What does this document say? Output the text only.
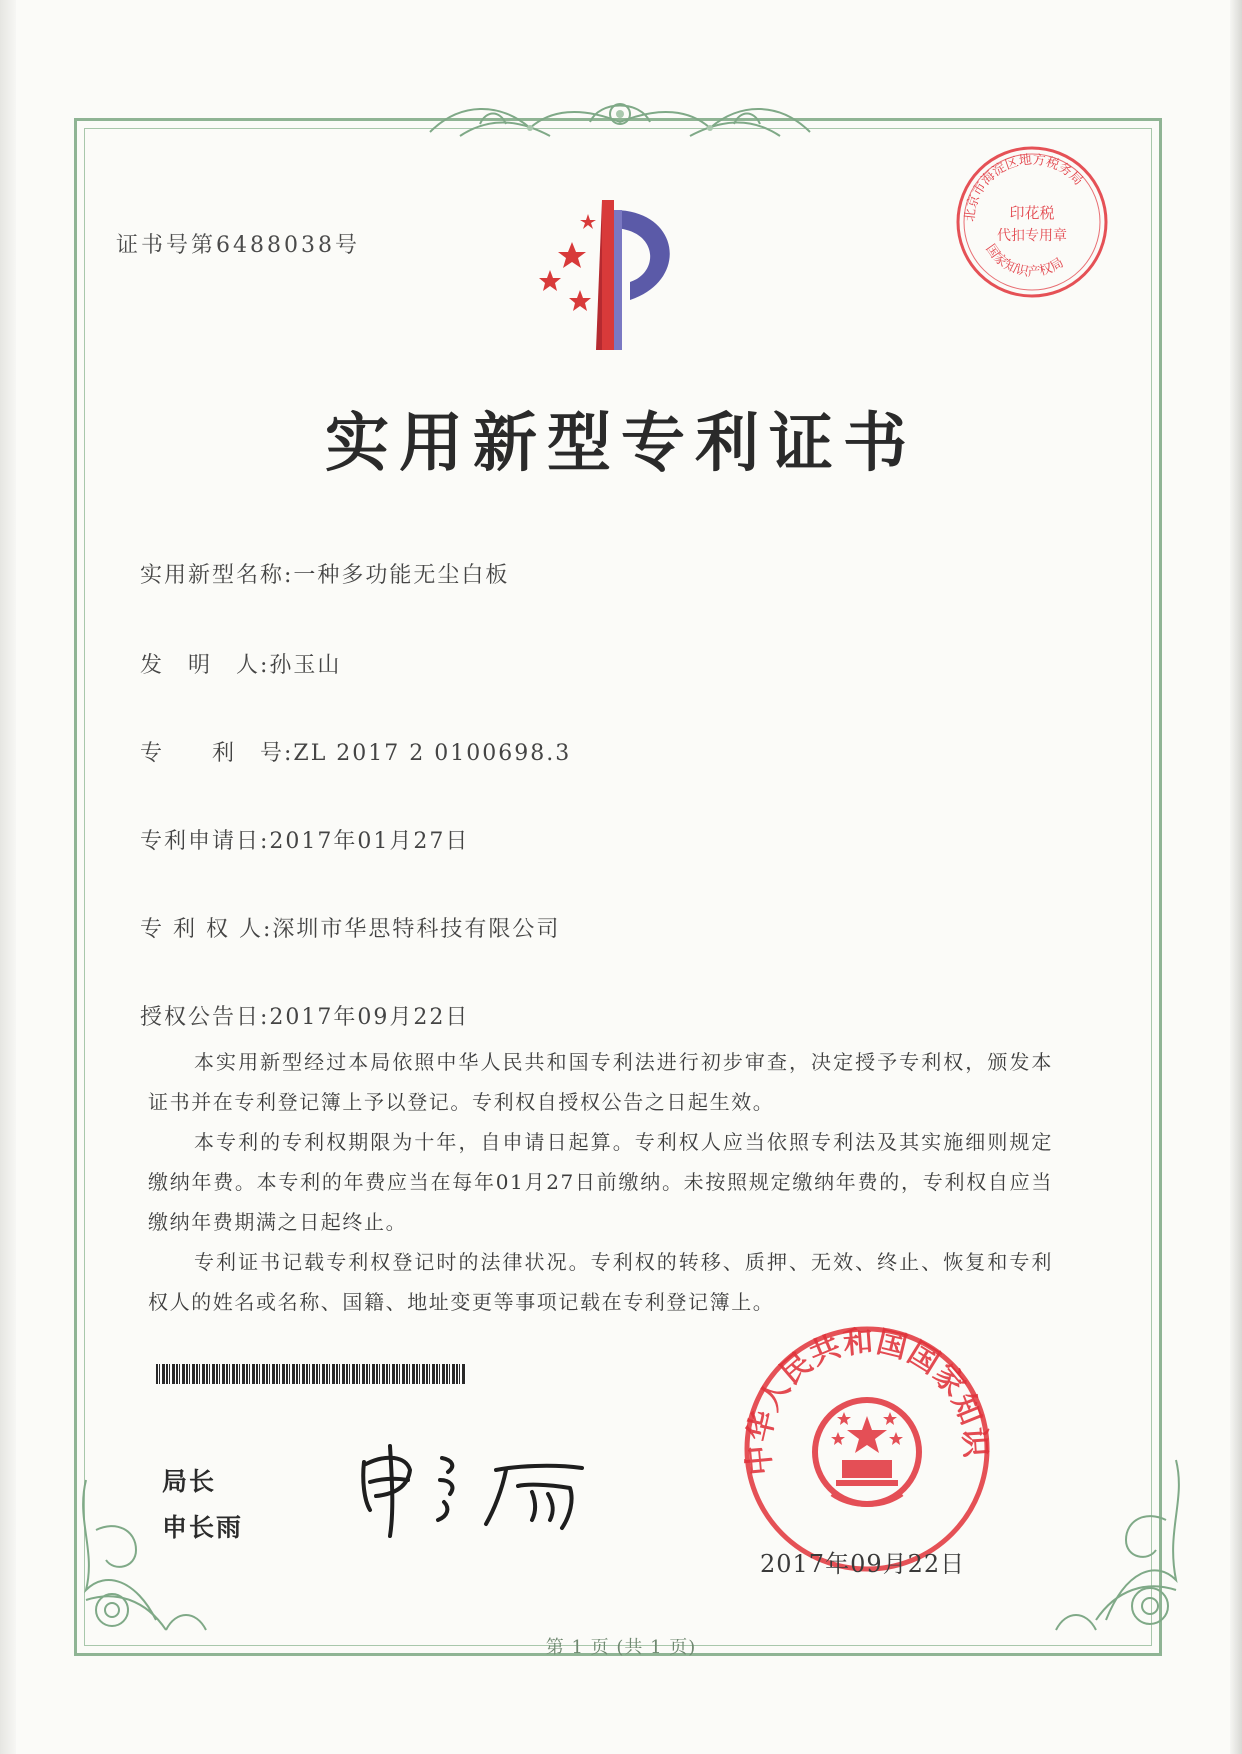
证书号第6488038号
北京市海淀区地方税务局
印花税
代扣专用章
国家知识产权局
实用新型专利证书
实用新型名称:一种多功能无尘白板
发　明　人:孙玉山
专　　利　号:ZL 2017 2 0100698.3
专利申请日:2017年01月27日
专 利 权 人:深圳市华思特科技有限公司
授权公告日:2017年09月22日

本实用新型经过本局依照中华人民共和国专利法进行初步审查，决定授予专利权，颁发本证书并在专利登记簿上予以登记。专利权自授权公告之日起生效。

本专利的专利权期限为十年，自申请日起算。专利权人应当依照专利法及其实施细则规定缴纳年费。本专利的年费应当在每年01月27日前缴纳。未按照规定缴纳年费的，专利权自应当缴纳年费期满之日起终止。

专利证书记载专利权登记时的法律状况。专利权的转移、质押、无效、终止、恢复和专利权人的姓名或名称、国籍、地址变更等事项记载在专利登记簿上。

局长
申长雨
中华人民共和国国家知识
2017年09月22日
第 1 页 (共 1 页)
